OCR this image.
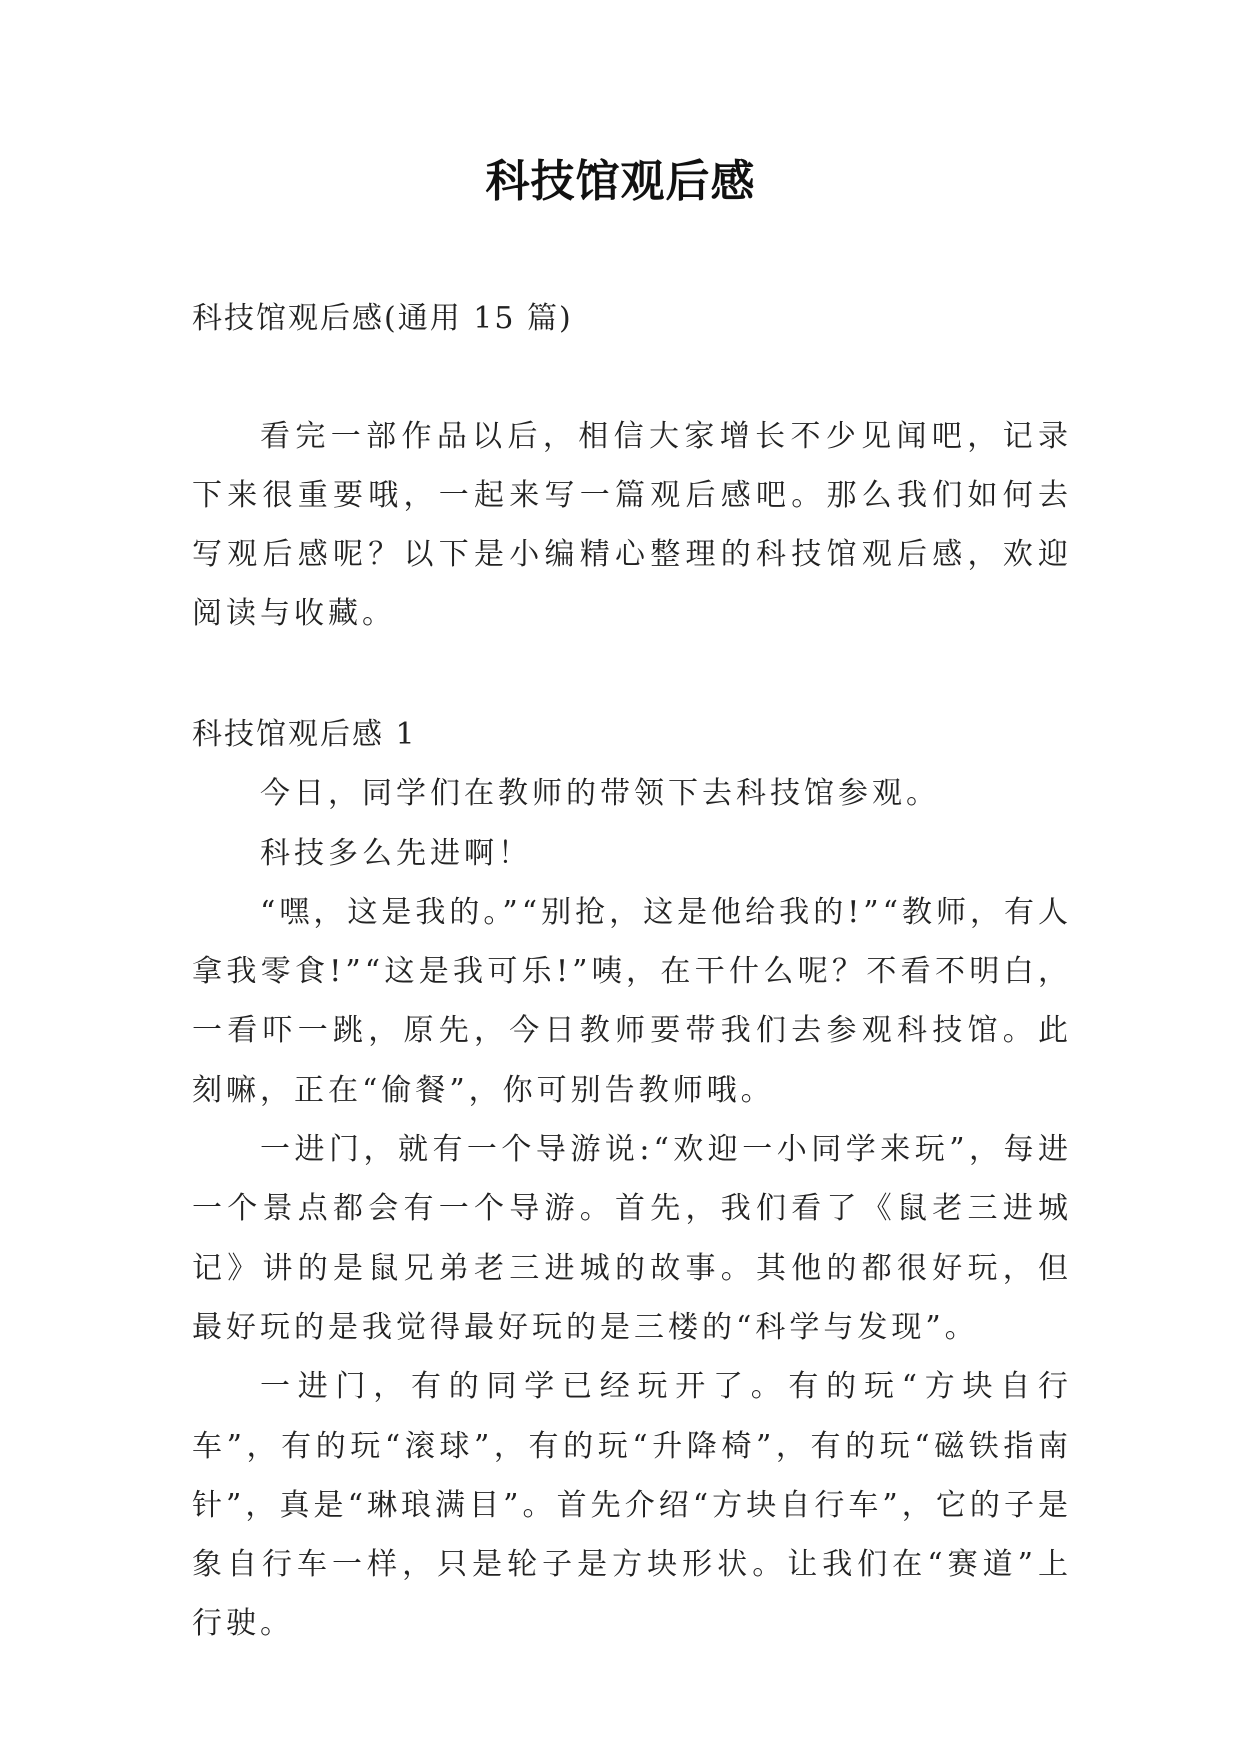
科技馆观后感
科技馆观后感(通用 15 篇)
看完一部作品以后，相信大家增长不少见闻吧，记录下来很重要哦，一起来写一篇观后感吧。那么我们如何去写观后感呢？以下是小编精心整理的科技馆观后感，欢迎阅读与收藏。

科技馆观后感 1

今日，同学们在教师的带领下去科技馆参观。

科技多么先进啊！

“嘿，这是我的。”“别抢，这是他给我的!”“教师，有人拿我零食!”“这是我可乐!”咦，在干什么呢？不看不明白，一看吓一跳，原先，今日教师要带我们去参观科技馆。此刻嘛，正在“偷餐”，你可别告教师哦。

一进门，就有一个导游说:“欢迎一小同学来玩”，每进一个景点都会有一个导游。首先，我们看了《鼠老三进城记》讲的是鼠兄弟老三进城的故事。其他的都很好玩，但最好玩的是我觉得最好玩的是三楼的“科学与发现”。

一进门，有的同学已经玩开了。有的玩“方块自行车”，有的玩“滚球”，有的玩“升降椅”，有的玩“磁铁指南针”，真是“琳琅满目”。首先介绍“方块自行车”，它的子是象自行车一样，只是轮子是方块形状。让我们在“赛道”上行驶。
